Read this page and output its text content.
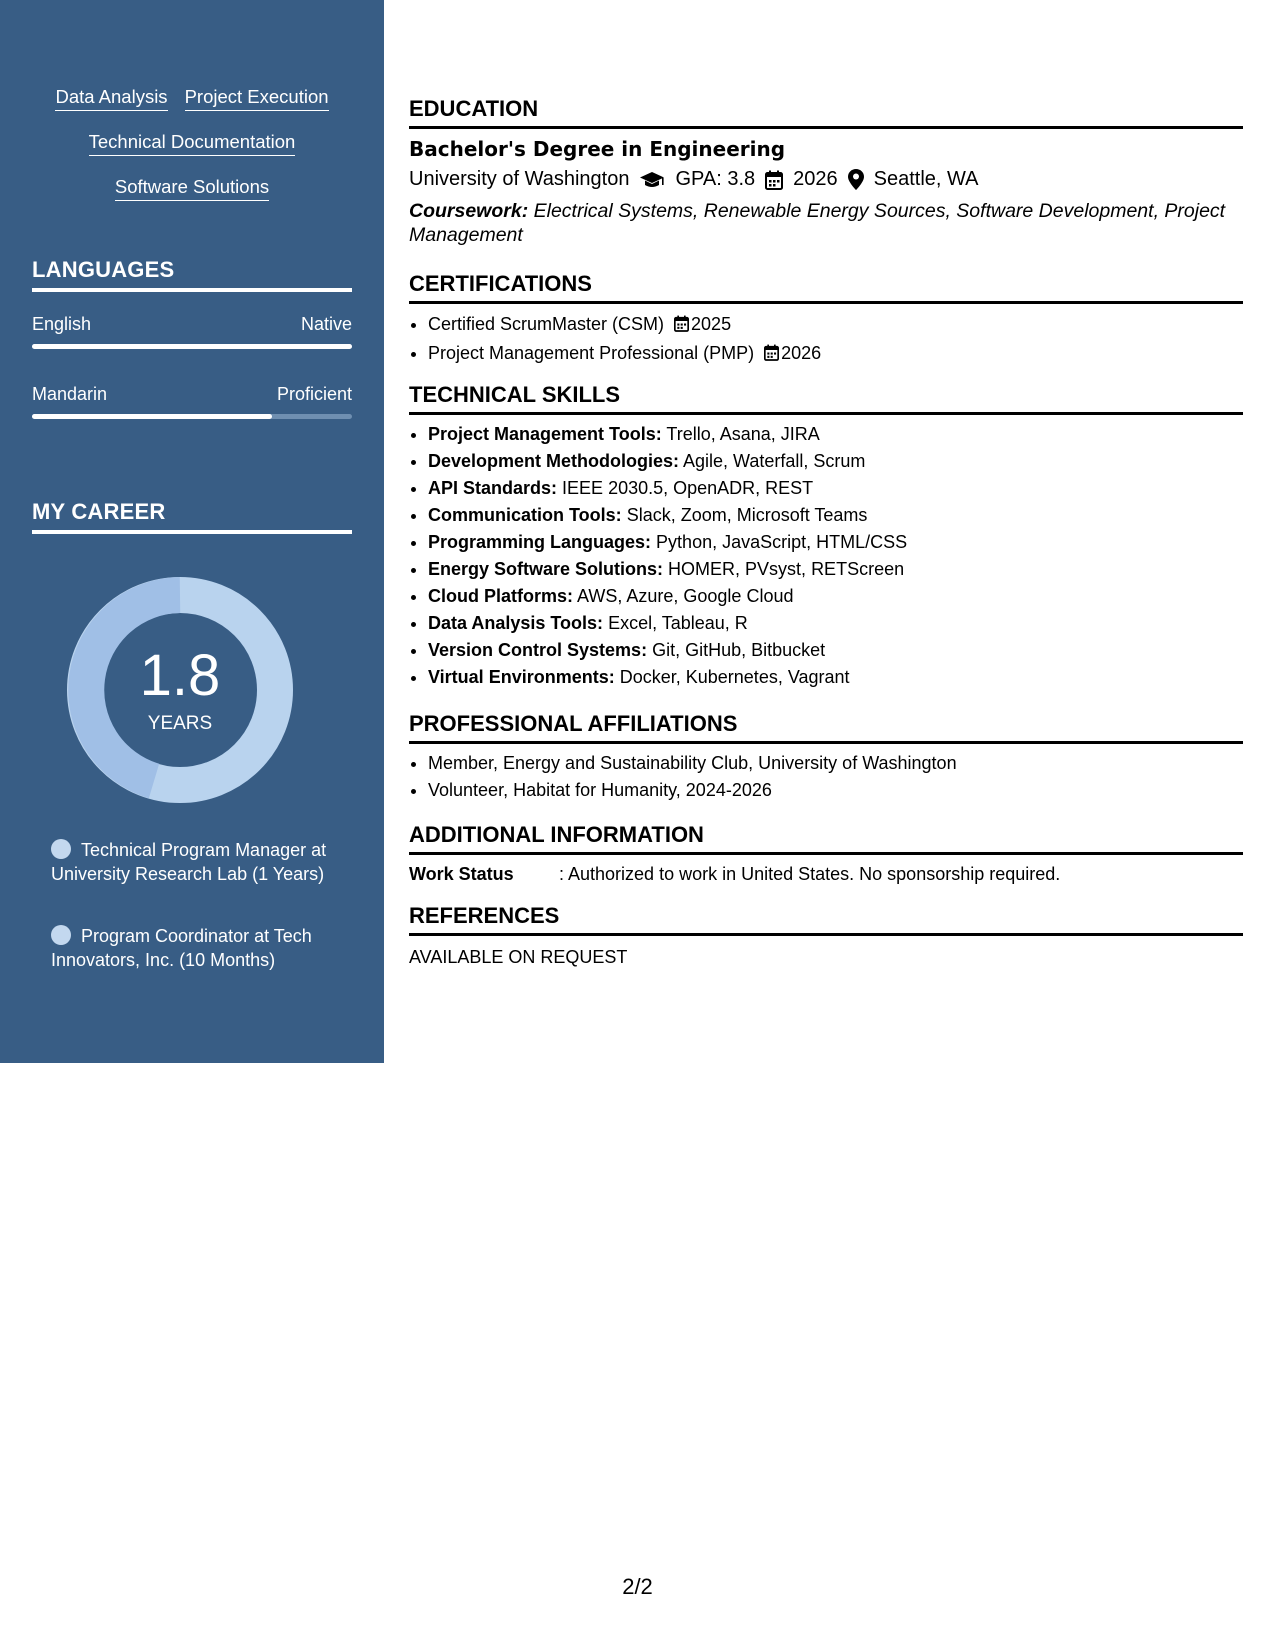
Data Analysis Project Execution
Technical Documentation
Software Solutions
LANGUAGES
English	Native
Mandarin	Proficient
MY CAREER
1.8
YEARS
Technical Program Manager at University Research Lab (1 Years)
Program Coordinator at Tech Innovators, Inc. (10 Months)
EDUCATION
Bachelor's Degree in Engineering
University of Washington GPA: 3.8 2026 Seattle, WA
Coursework: Electrical Systems, Renewable Energy Sources, Software Development, Project Management
CERTIFICATIONS
• Certified ScrumMaster (CSM) 2025
• Project Management Professional (PMP) 2026
TECHNICAL SKILLS
• Project Management Tools: Trello, Asana, JIRA
• Development Methodologies: Agile, Waterfall, Scrum
• API Standards: IEEE 2030.5, OpenADR, REST
• Communication Tools: Slack, Zoom, Microsoft Teams
• Programming Languages: Python, JavaScript, HTML/CSS
• Energy Software Solutions: HOMER, PVsyst, RETScreen
• Cloud Platforms: AWS, Azure, Google Cloud
• Data Analysis Tools: Excel, Tableau, R
• Version Control Systems: Git, GitHub, Bitbucket
• Virtual Environments: Docker, Kubernetes, Vagrant
PROFESSIONAL AFFILIATIONS
• Member, Energy and Sustainability Club, University of Washington
• Volunteer, Habitat for Humanity, 2024-2026
ADDITIONAL INFORMATION
Work Status	: Authorized to work in United States. No sponsorship required.
REFERENCES
AVAILABLE ON REQUEST
2/2
